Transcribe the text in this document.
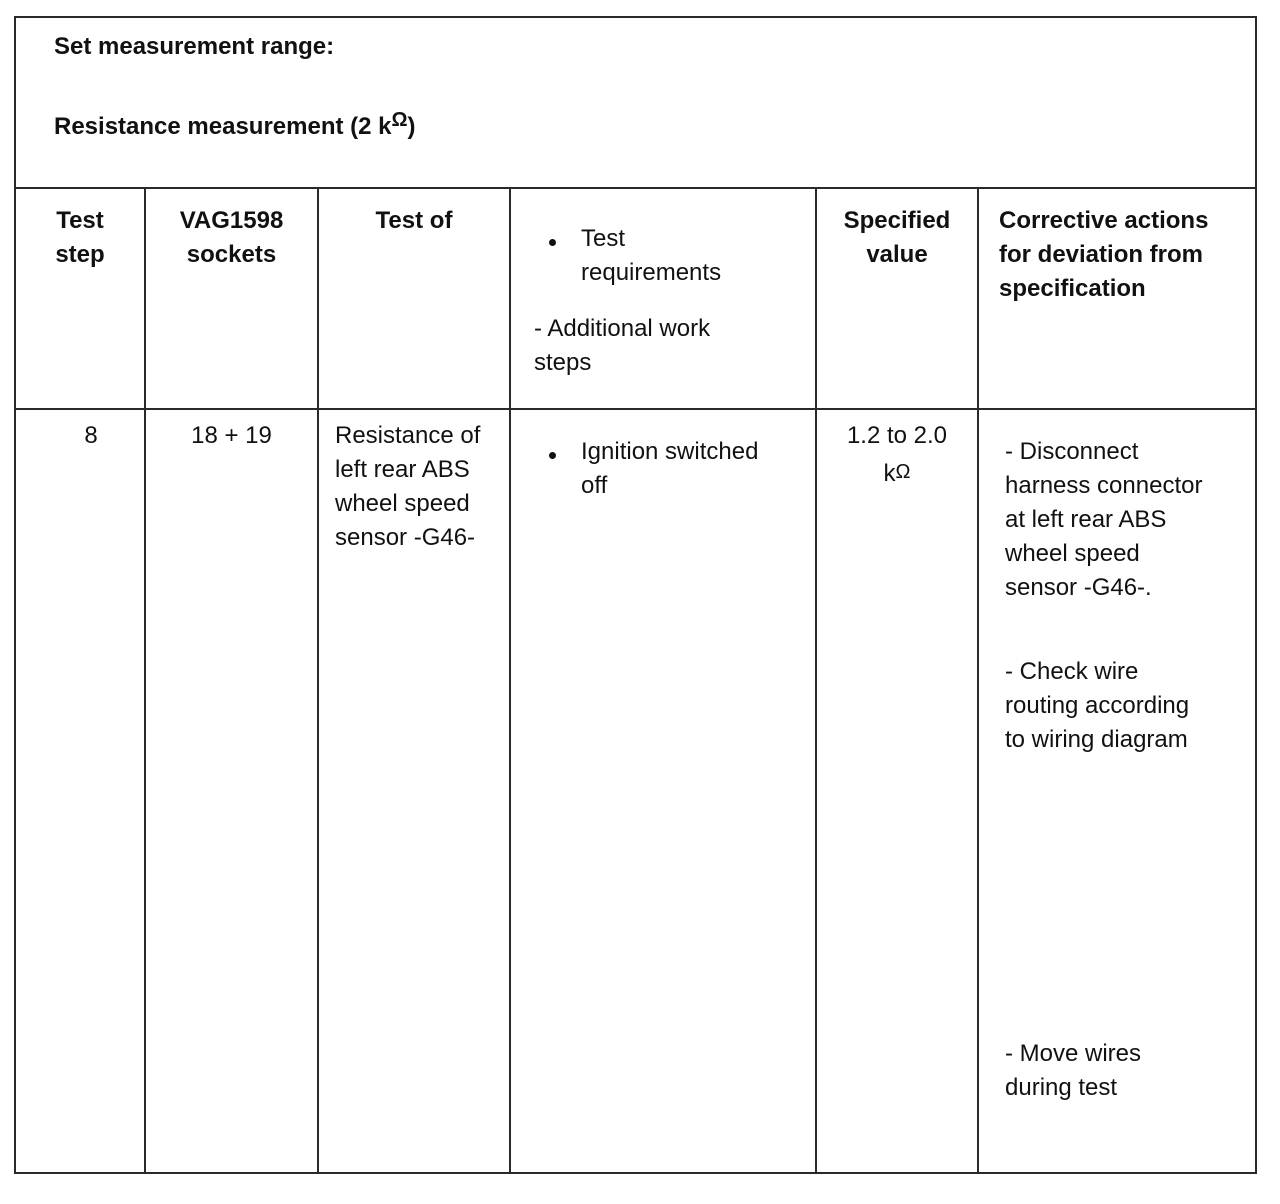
Set measurement range:
Resistance measurement (2 $k^\Omega$)
Test
step
VAG1598
sockets
Test of
Test
requirements
- Additional work
steps
Specified
value
Corrective actions
for deviation from
specification
8	18 + 19	Resistance of
left rear ABS
wheel speed
sensor -G46-
Ignition switched
off
1.2 to 2.0
kΩ
- Disconnect
harness connector
at left rear ABS
wheel speed
sensor -G46-.
- Check wire
routing according
to wiring diagram
- Move wires
during test
